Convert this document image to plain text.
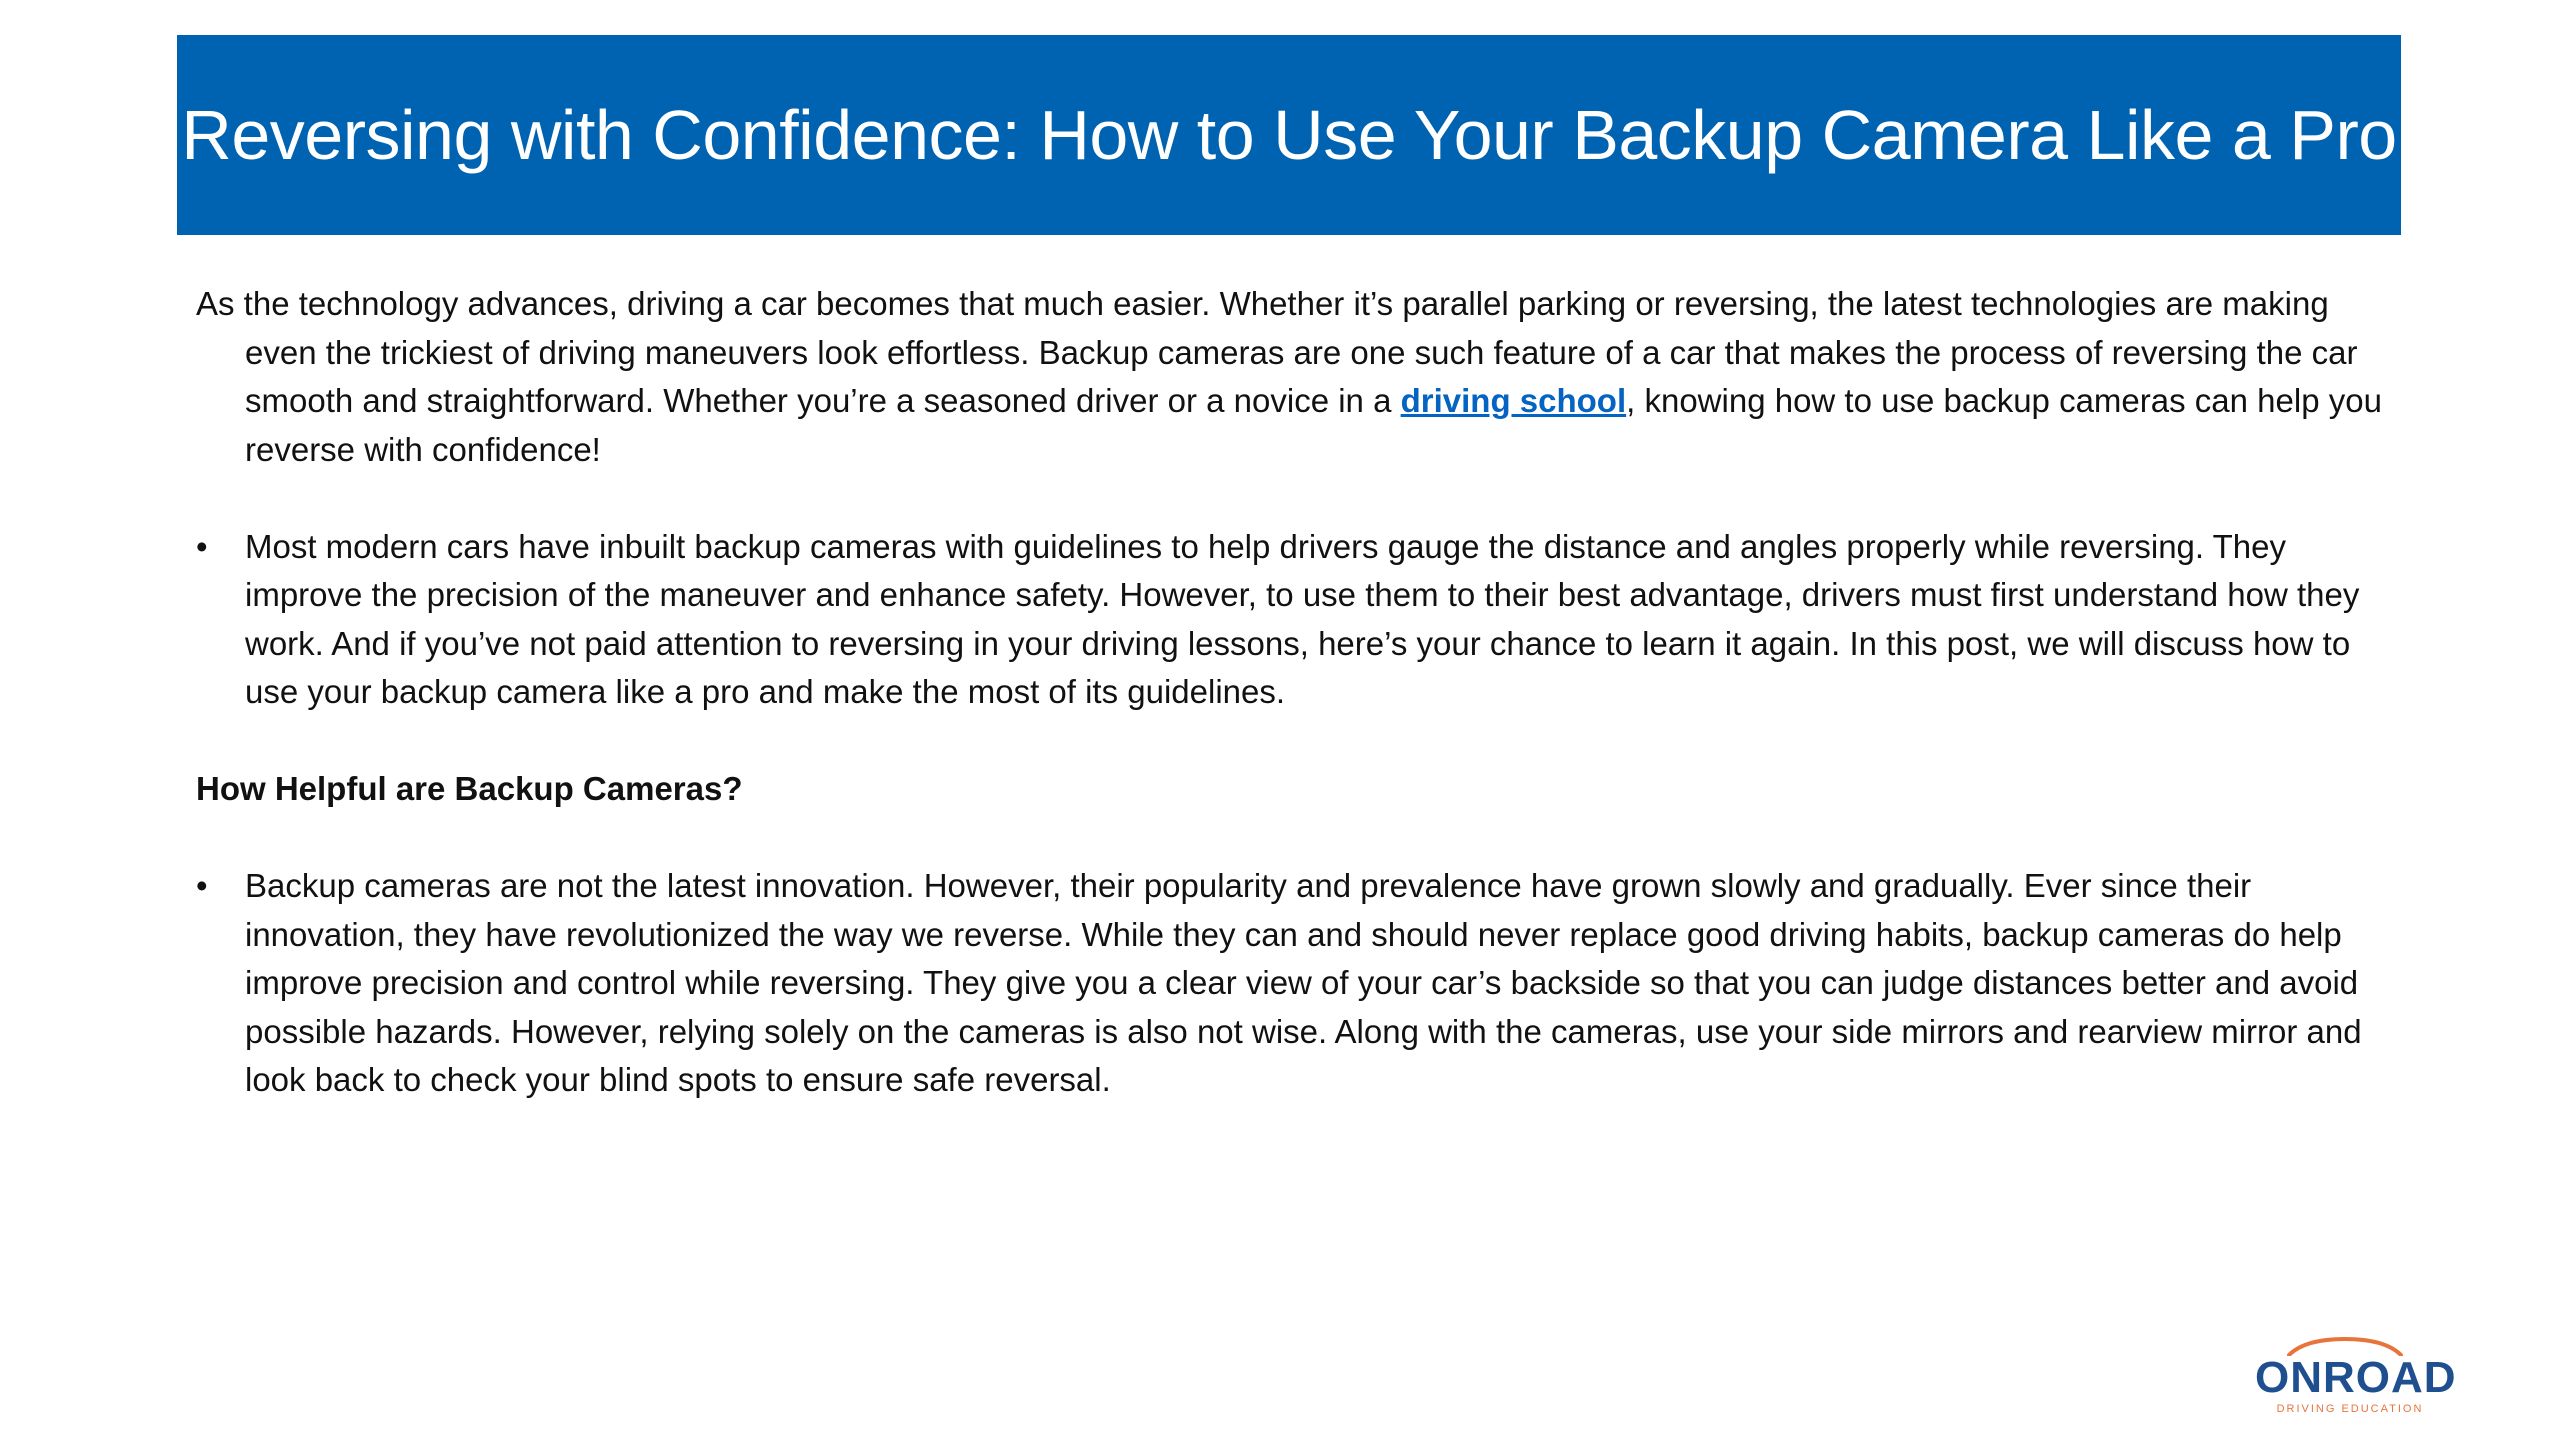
Reversing with Confidence: How to Use Your Backup Camera Like a Pro

As the technology advances, driving a car becomes that much easier. Whether it’s parallel parking or reversing, the latest technologies are making even the trickiest of driving maneuvers look effortless. Backup cameras are one such feature of a car that makes the process of reversing the car smooth and straightforward. Whether you’re a seasoned driver or a novice in a driving school, knowing how to use backup cameras can help you reverse with confidence!

•	Most modern cars have inbuilt backup cameras with guidelines to help drivers gauge the distance and angles properly while reversing. They improve the precision of the maneuver and enhance safety. However, to use them to their best advantage, drivers must first understand how they work. And if you’ve not paid attention to reversing in your driving lessons, here’s your chance to learn it again. In this post, we will discuss how to use your backup camera like a pro and make the most of its guidelines.

How Helpful are Backup Cameras?

•	Backup cameras are not the latest innovation. However, their popularity and prevalence have grown slowly and gradually. Ever since their innovation, they have revolutionized the way we reverse. While they can and should never replace good driving habits, backup cameras do help improve precision and control while reversing. They give you a clear view of your car’s backside so that you can judge distances better and avoid possible hazards. However, relying solely on the cameras is also not wise. Along with the cameras, use your side mirrors and rearview mirror and look back to check your blind spots to ensure safe reversal.
ONROAD
DRIVING EDUCATION
